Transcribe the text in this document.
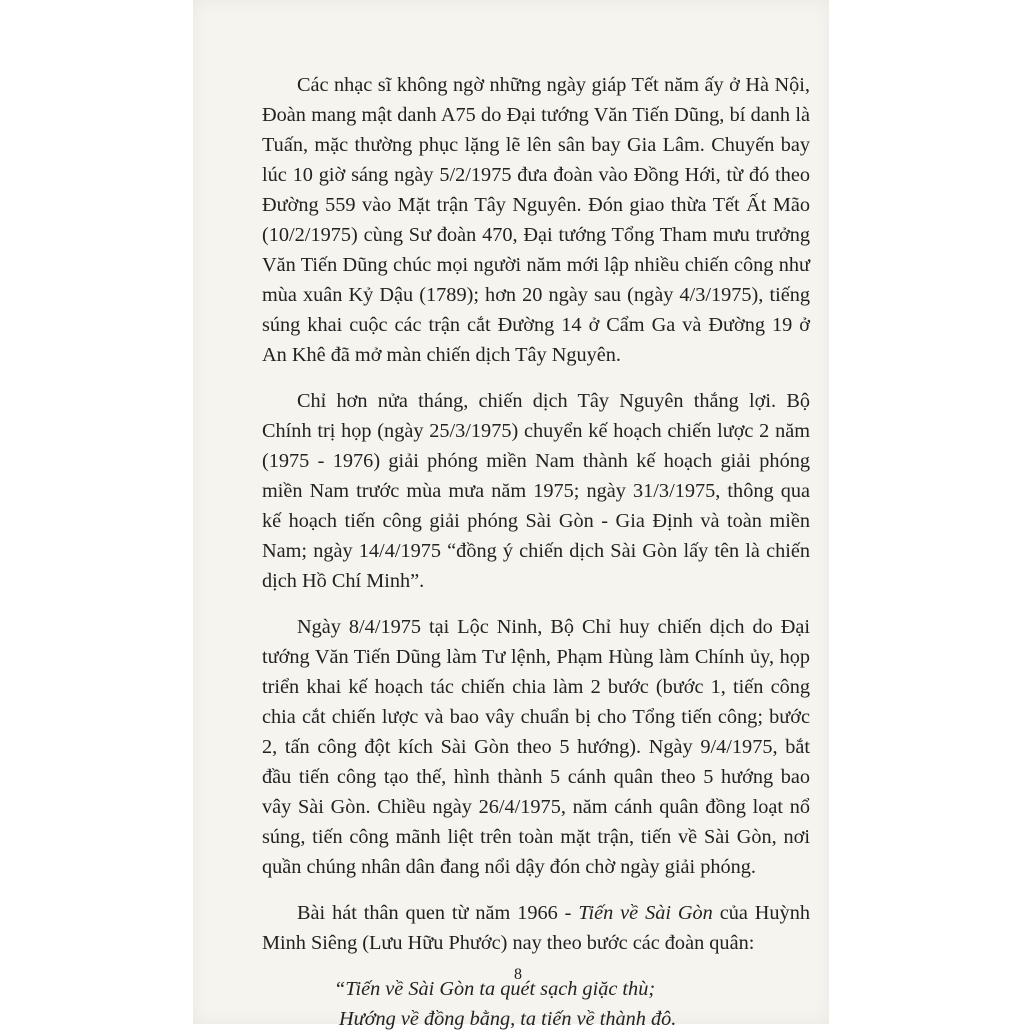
Các nhạc sĩ không ngờ những ngày giáp Tết năm ấy ở Hà Nội, Đoàn mang mật danh A75 do Đại tướng Văn Tiến Dũng, bí danh là Tuấn, mặc thường phục lặng lẽ lên sân bay Gia Lâm. Chuyến bay lúc 10 giờ sáng ngày 5/2/1975 đưa đoàn vào Đồng Hới, từ đó theo Đường 559 vào Mặt trận Tây Nguyên. Đón giao thừa Tết Ất Mão (10/2/1975) cùng Sư đoàn 470, Đại tướng Tổng Tham mưu trưởng Văn Tiến Dũng chúc mọi người năm mới lập nhiều chiến công như mùa xuân Kỷ Dậu (1789); hơn 20 ngày sau (ngày 4/3/1975), tiếng súng khai cuộc các trận cắt Đường 14 ở Cẩm Ga và Đường 19 ở An Khê đã mở màn chiến dịch Tây Nguyên.

Chỉ hơn nửa tháng, chiến dịch Tây Nguyên thắng lợi. Bộ Chính trị họp (ngày 25/3/1975) chuyển kế hoạch chiến lược 2 năm (1975 - 1976) giải phóng miền Nam thành kế hoạch giải phóng miền Nam trước mùa mưa năm 1975; ngày 31/3/1975, thông qua kế hoạch tiến công giải phóng Sài Gòn - Gia Định và toàn miền Nam; ngày 14/4/1975 “đồng ý chiến dịch Sài Gòn lấy tên là chiến dịch Hồ Chí Minh”.

Ngày 8/4/1975 tại Lộc Ninh, Bộ Chỉ huy chiến dịch do Đại tướng Văn Tiến Dũng làm Tư lệnh, Phạm Hùng làm Chính ủy, họp triển khai kế hoạch tác chiến chia làm 2 bước (bước 1, tiến công chia cắt chiến lược và bao vây chuẩn bị cho Tổng tiến công; bước 2, tấn công đột kích Sài Gòn theo 5 hướng). Ngày 9/4/1975, bắt đầu tiến công tạo thế, hình thành 5 cánh quân theo 5 hướng bao vây Sài Gòn. Chiều ngày 26/4/1975, năm cánh quân đồng loạt nổ súng, tiến công mãnh liệt trên toàn mặt trận, tiến về Sài Gòn, nơi quần chúng nhân dân đang nổi dậy đón chờ ngày giải phóng.

Bài hát thân quen từ năm 1966 - Tiến về Sài Gòn của Huỳnh Minh Siêng (Lưu Hữu Phước) nay theo bước các đoàn quân:

“Tiến về Sài Gòn ta quét sạch giặc thù;
Hướng về đồng bằng, ta tiến về thành đô.
8
